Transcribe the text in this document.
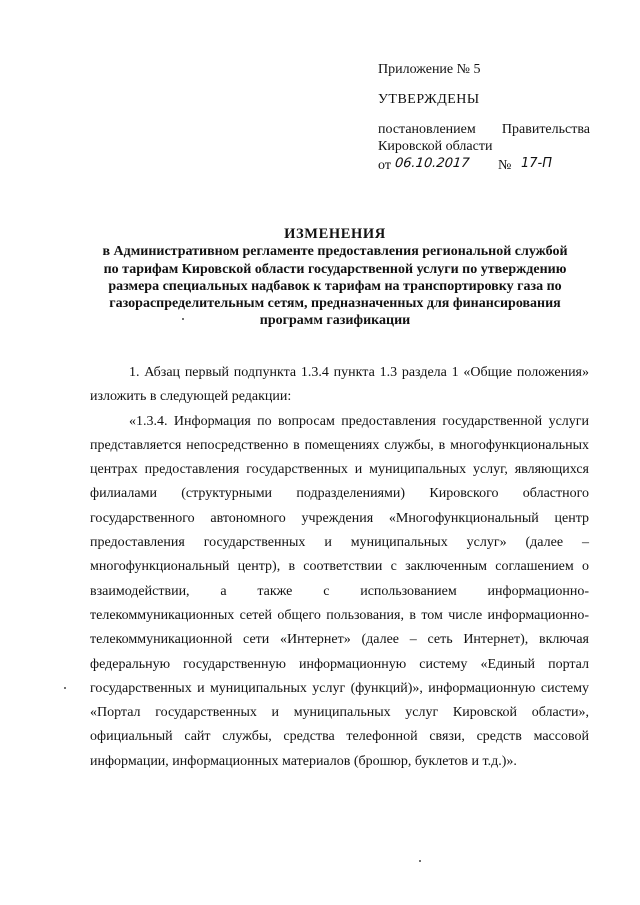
Приложение № 5
УТВЕРЖДЕНЫ
постановлением Правительства
Кировской области
от 06.10.2017 № 17-П
ИЗМЕНЕНИЯ
в Административном регламенте предоставления региональной службой
по тарифам Кировской области государственной услуги по утверждению
размера специальных надбавок к тарифам на транспортировку газа по
газораспределительным сетям, предназначенных для финансирования
программ газификации

1. Абзац первый подпункта 1.3.4 пункта 1.3 раздела 1 «Общие положения» изложить в следующей редакции:

«1.3.4. Информация по вопросам предоставления государственной услуги представляется непосредственно в помещениях службы, в многофункциональных центрах предоставления государственных и муниципальных услуг, являющихся филиалами (структурными подразделениями) Кировского областного государственного автономного учреждения «Многофункциональный центр предоставления государственных и муниципальных услуг» (далее – многофункциональный центр), в соответствии с заключенным соглашением о взаимодействии, а также с использованием информационно-телекоммуникационных сетей общего пользования, в том числе информационно-телекоммуникационной сети «Интернет» (далее – сеть Интернет), включая федеральную государственную информационную систему «Единый портал государственных и муниципальных услуг (функций)», информационную систему «Портал государственных и муниципальных услуг Кировской области», официальный сайт службы, средства телефонной связи, средств массовой информации, информационных материалов (брошюр, буклетов и т.д.)».
